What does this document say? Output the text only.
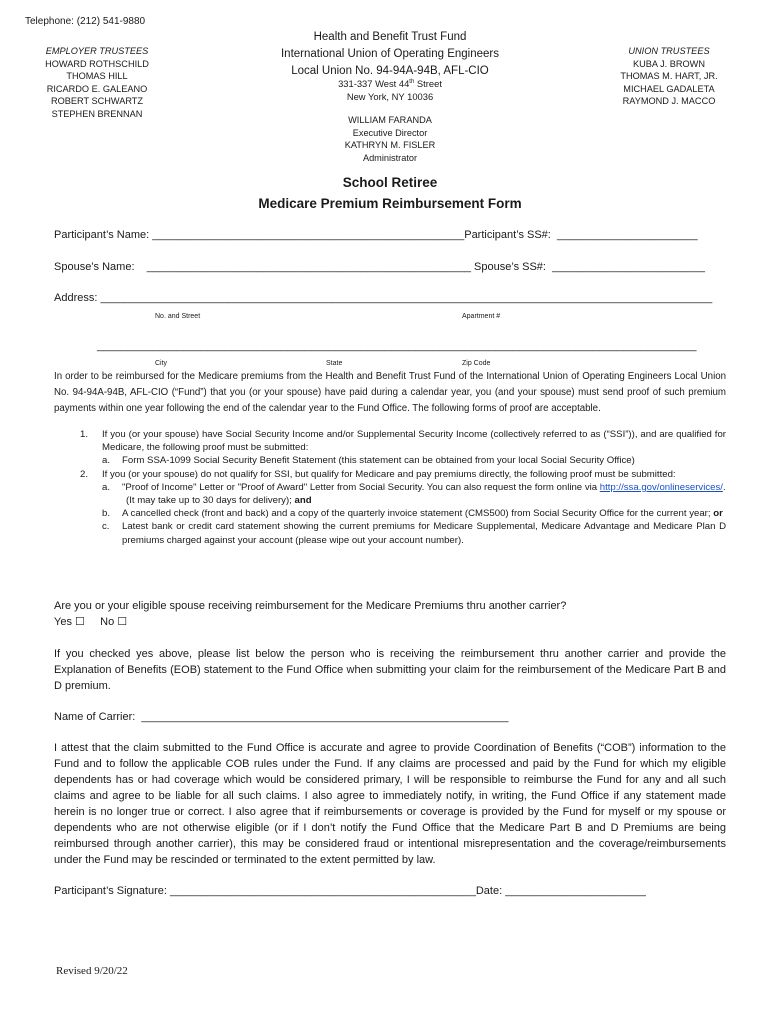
Telephone: (212) 541-9880
EMPLOYER TRUSTEES
HOWARD ROTHSCHILD
THOMAS HILL
RICARDO E. GALEANO
ROBERT SCHWARTZ
STEPHEN BRENNAN
UNION TRUSTEES
KUBA J. BROWN
THOMAS M. HART, JR.
MICHAEL GADALETA
RAYMOND J. MACCO
Health and Benefit Trust Fund
International Union of Operating Engineers
Local Union No. 94-94A-94B, AFL-CIO
331-337 West 44th Street
New York, NY 10036
WILLIAM FARANDA
Executive Director
KATHRYN M. FISLER
Administrator
School Retiree
Medicare Premium Reimbursement Form
Participant’s Name: ___________________________________________________Participant’s SS#:  _______________________
Spouse’s Name:    _____________________________________________________ Spouse’s SS#:  _________________________
Address: ____________________________________________________________________________________________________
No. and Street	Apartment #
__________________________________________________________________________________________________
City	State	Zip Code
In order to be reimbursed for the Medicare premiums from the Health and Benefit Trust Fund of the International Union of Operating Engineers Local Union No. 94-94A-94B, AFL-CIO (“Fund”) that you (or your spouse) have paid during a calendar year, you (and your spouse) must send proof of such premium payments within one year following the end of the calendar year to the Fund Office. The following forms of proof are acceptable.
1. If you (or your spouse) have Social Security Income and/or Supplemental Security Income (collectively referred to as (“SSI”)), and are qualified for Medicare, the following proof must be submitted:
a. Form SSA-1099 Social Security Benefit Statement (this statement can be obtained from your local Social Security Office)
2. If you (or your spouse) do not qualify for SSI, but qualify for Medicare and pay premiums directly, the following proof must be submitted:
a. "Proof of Income" Letter or "Proof of Award" Letter from Social Security. You can also request the form online via http://ssa.gov/onlineservices/.
(It may take up to 30 days for delivery); and
b. A cancelled check (front and back) and a copy of the quarterly invoice statement (CMS500) from Social Security Office for the current year; or
c. Latest bank or credit card statement showing the current premiums for Medicare Supplemental, Medicare Advantage and Medicare Plan D premiums charged against your account (please wipe out your account number).
Are you or your eligible spouse receiving reimbursement for the Medicare Premiums thru another carrier?
Yes ☐     No ☐
If you checked yes above, please list below the person who is receiving the reimbursement thru another carrier and provide the Explanation of Benefits (EOB) statement to the Fund Office when submitting your claim for the reimbursement of the Medicare Part B and D premium.
Name of Carrier:  ____________________________________________________________
I attest that the claim submitted to the Fund Office is accurate and agree to provide Coordination of Benefits (“COB”) information to the Fund and to follow the applicable COB rules under the Fund. If any claims are processed and paid by the Fund for which my eligible dependents has or had coverage which would be considered primary, I will be responsible to reimburse the Fund for any and all such claims and agree to be liable for all such claims. I also agree to immediately notify, in writing, the Fund Office if any statement made herein is no longer true or correct. I also agree that if reimbursements or coverage is provided by the Fund for myself or my spouse or dependents who are not otherwise eligible (or if I don’t notify the Fund Office that the Medicare Part B and D Premiums are being reimbursed through another carrier), this may be considered fraud or intentional misrepresentation and the coverage/reimbursements under the Fund may be rescinded or terminated to the extent permitted by law.
Participant’s Signature: __________________________________________________Date: _______________________
Revised 9/20/22
